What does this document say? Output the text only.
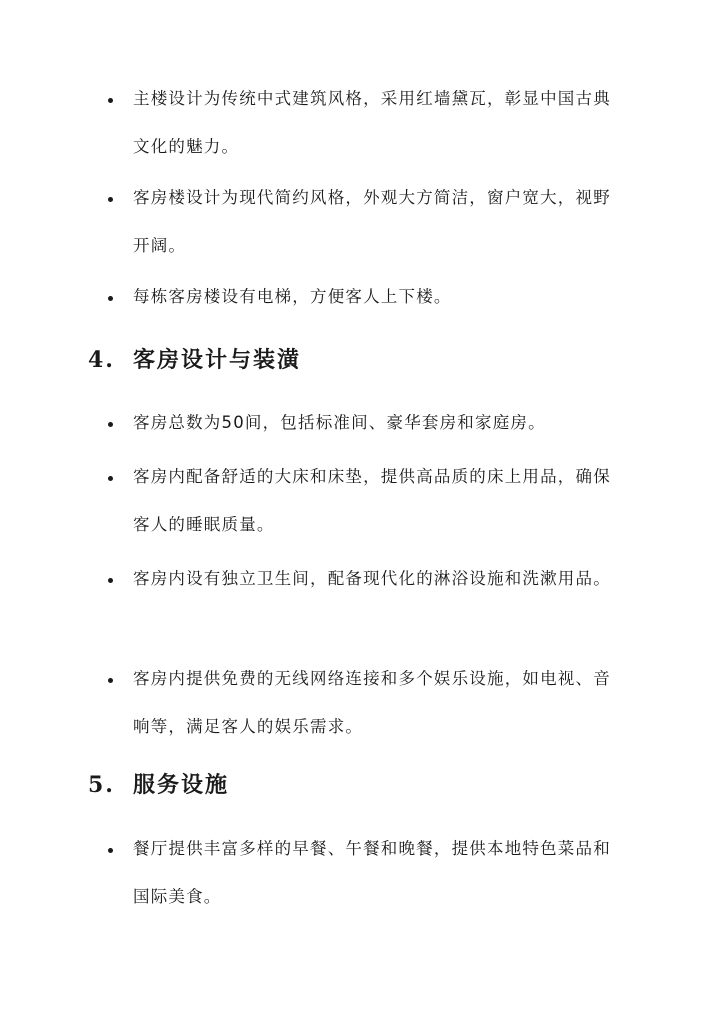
主楼设计为传统中式建筑风格，采用红墙黛瓦，彰显中国古典文化的魅力。
客房楼设计为现代简约风格，外观大方简洁，窗户宽大，视野开阔。
每栋客房楼设有电梯，方便客人上下楼。
4. 客房设计与装潢
客房总数为50间，包括标准间、豪华套房和家庭房。
客房内配备舒适的大床和床垫，提供高品质的床上用品，确保客人的睡眠质量。
客房内设有独立卫生间，配备现代化的淋浴设施和洗漱用品。
客房内提供免费的无线网络连接和多个娱乐设施，如电视、音响等，满足客人的娱乐需求。
5. 服务设施
餐厅提供丰富多样的早餐、午餐和晚餐，提供本地特色菜品和国际美食。
